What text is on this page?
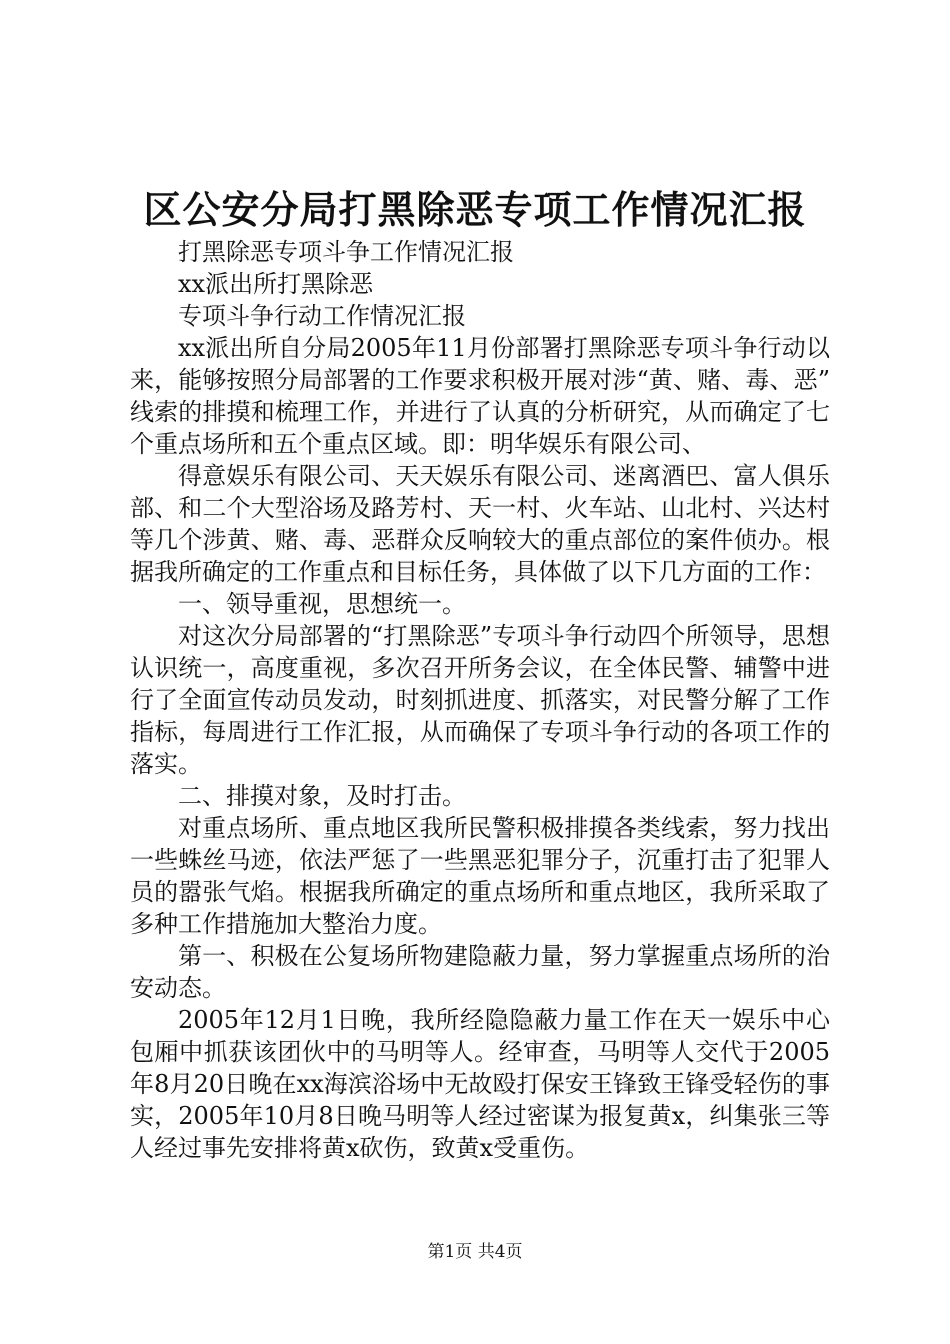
区公安分局打黑除恶专项工作情况汇报

打黑除恶专项斗争工作情况汇报

xx派出所打黑除恶

专项斗争行动工作情况汇报

xx派出所自分局2005年11月份部署打黑除恶专项斗争行动以来，能够按照分局部署的工作要求积极开展对涉“黄、赌、毒、恶”线索的排摸和梳理工作，并进行了认真的分析研究，从而确定了七个重点场所和五个重点区域。即：明华娱乐有限公司、

得意娱乐有限公司、天天娱乐有限公司、迷离酒巴、富人俱乐部、和二个大型浴场及路芳村、天一村、火车站、山北村、兴达村等几个涉黄、赌、毒、恶群众反响较大的重点部位的案件侦办。根据我所确定的工作重点和目标任务，具体做了以下几方面的工作：

一、领导重视，思想统一。

对这次分局部署的“打黑除恶”专项斗争行动四个所领导，思想认识统一，高度重视，多次召开所务会议，在全体民警、辅警中进行了全面宣传动员发动，时刻抓进度、抓落实，对民警分解了工作指标，每周进行工作汇报，从而确保了专项斗争行动的各项工作的落实。

二、排摸对象，及时打击。

对重点场所、重点地区我所民警积极排摸各类线索，努力找出一些蛛丝马迹，依法严惩了一些黑恶犯罪分子，沉重打击了犯罪人员的嚣张气焰。根据我所确定的重点场所和重点地区，我所采取了多种工作措施加大整治力度。

第一、积极在公复场所物建隐蔽力量，努力掌握重点场所的治安动态。

2005年12月1日晚，我所经隐隐蔽力量工作在天一娱乐中心包厢中抓获该团伙中的马明等人。经审查，马明等人交代于2005年8月20日晚在xx海滨浴场中无故殴打保安王锋致王锋受轻伤的事实，2005年10月8日晚马明等人经过密谋为报复黄x，纠集张三等人经过事先安排将黄x砍伤，致黄x受重伤。

第1页 共4页
